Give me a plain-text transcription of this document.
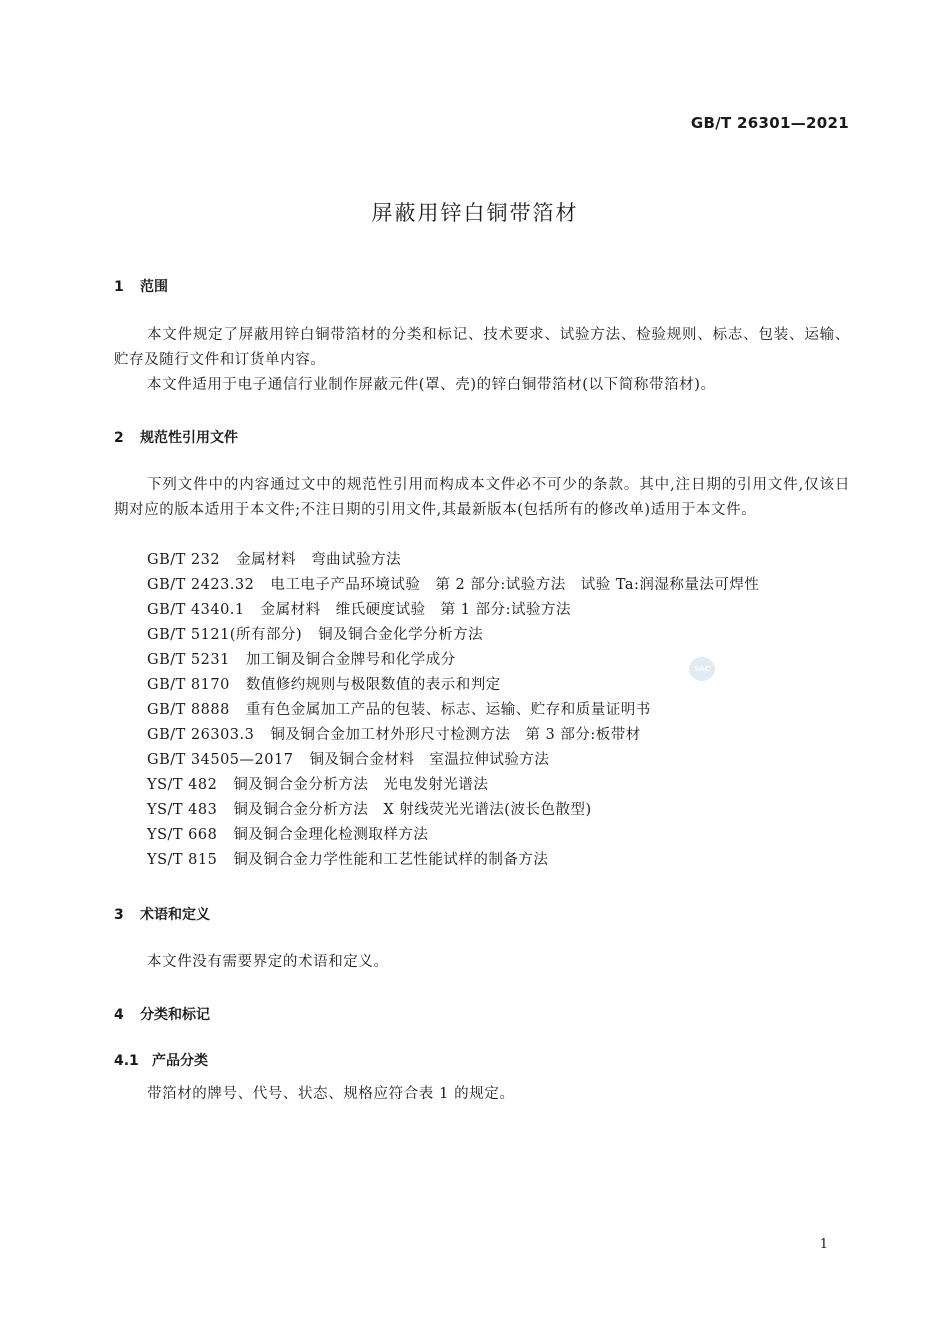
GB/T 26301—2021
屏蔽用锌白铜带箔材
1 范围

本文件规定了屏蔽用锌白铜带箔材的分类和标记、技术要求、试验方法、检验规则、标志、包装、运输、贮存及随行文件和订货单内容。

本文件适用于电子通信行业制作屏蔽元件(罩、壳)的锌白铜带箔材(以下简称带箔材)。

2 规范性引用文件

下列文件中的内容通过文中的规范性引用而构成本文件必不可少的条款。其中,注日期的引用文件,仅该日期对应的版本适用于本文件;不注日期的引用文件,其最新版本(包括所有的修改单)适用于本文件。

GB/T 232 金属材料　弯曲试验方法
GB/T 2423.32 电工电子产品环境试验　第 2 部分:试验方法　试验 Ta:润湿称量法可焊性
GB/T 4340.1 金属材料　维氏硬度试验　第 1 部分:试验方法
GB/T 5121(所有部分) 铜及铜合金化学分析方法
GB/T 5231 加工铜及铜合金牌号和化学成分
GB/T 8170 数值修约规则与极限数值的表示和判定
GB/T 8888 重有色金属加工产品的包装、标志、运输、贮存和质量证明书
GB/T 26303.3 铜及铜合金加工材外形尺寸检测方法　第 3 部分:板带材
GB/T 34505—2017 铜及铜合金材料　室温拉伸试验方法
YS/T 482 铜及铜合金分析方法　光电发射光谱法
YS/T 483 铜及铜合金分析方法　X 射线荧光光谱法(波长色散型)
YS/T 668 铜及铜合金理化检测取样方法
YS/T 815 铜及铜合金力学性能和工艺性能试样的制备方法
3 术语和定义

本文件没有需要界定的术语和定义。

4 分类和标记
4.1 产品分类

带箔材的牌号、代号、状态、规格应符合表 1 的规定。

SAC
1
